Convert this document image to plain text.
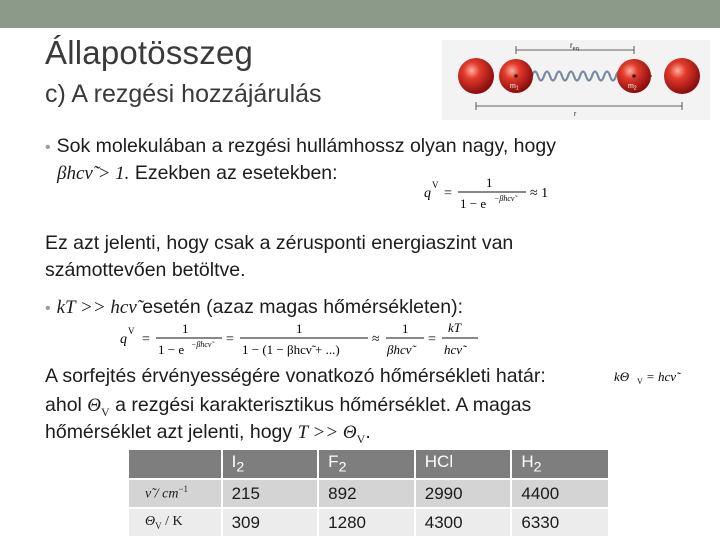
Állapotösszeg
c) A rezgési hozzájárulás
$r_{eq}$
$m_1$	$m_2$
r
• Sok molekulában a rezgési hullámhossz olyan nagy, hogy
βhcν̃ > 1. Ezekben az esetekben:
q
V
=
1
1 − e −βhcν̃ ≈ 1
Ez azt jelenti, hogy csak a zérusponti energiaszint van
számottevően betöltve.
• kT >> hcν̃ esetén (azaz magas hőmérsékleten):
q
V
=
1
1 − e −βhcν̃ =
1
1 − (1 − βhcν̃ + ...)
≈
1
βhcν̃
=
kT
hcν̃
A sorfejtés érvényességére vonatkozó hőmérsékleti határ:	kΘ V = hcν̃
ahol $\Theta_V$ a rezgési karakterisztikus hőmérséklet. A magas
hőmérséklet azt jelenti, hogy $T >> \Theta_V$.
	$I_2$	$F_2$	HCl	$H_2$
ν̃ / $cm^{-1}$	215	892	2990	4400
$\Theta_V$ / K	309	1280	4300	6330
